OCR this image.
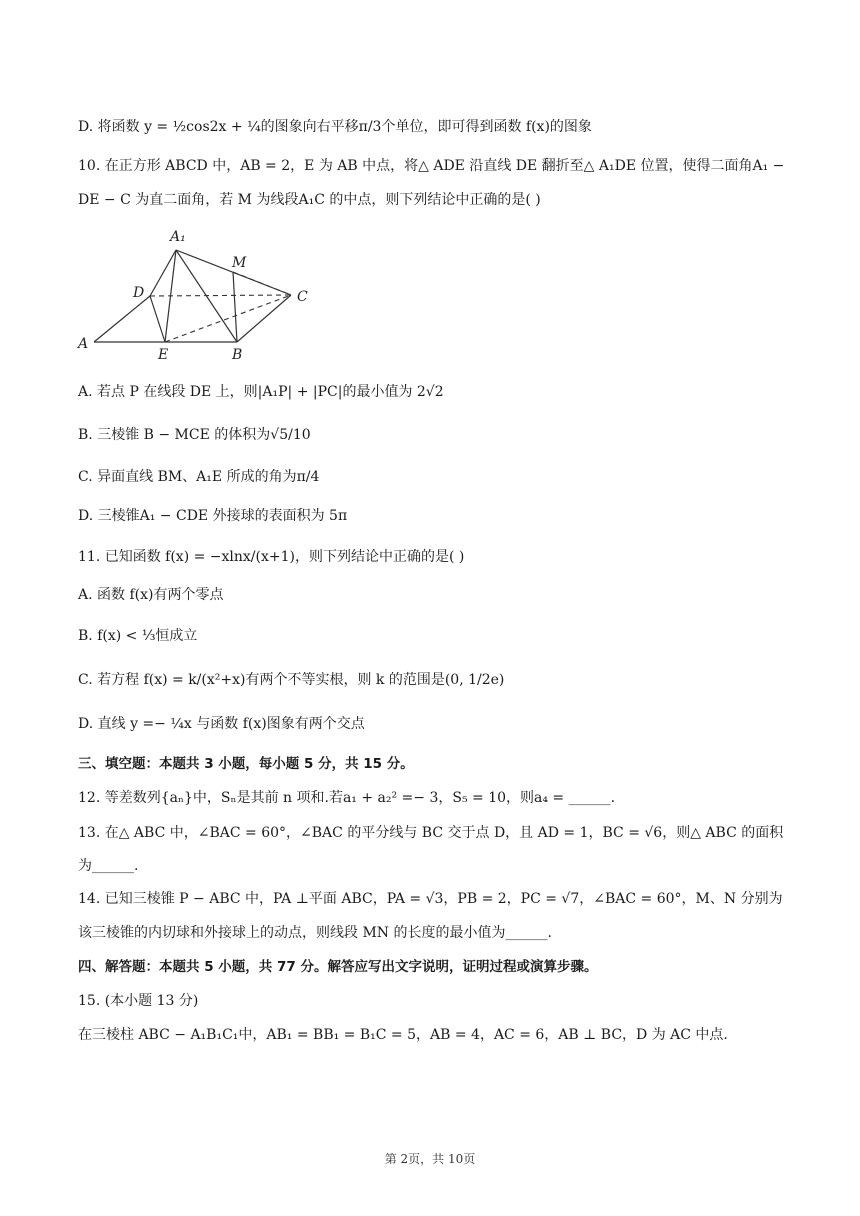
D. 将函数 y = ½cos2x + ¼的图象向右平移π/3个单位，即可得到函数 f(x)的图象
10. 在正方形 ABCD 中，AB = 2，E 为 AB 中点，将△ ADE 沿直线 DE 翻折至△ A₁DE 位置，使得二面角A₁ −
DE − C 为直二面角，若 M 为线段A₁C 的中点，则下列结论中正确的是( )
A₁
M
D	C
A
E	B
A. 若点 P 在线段 DE 上，则|A₁P| + |PC|的最小值为 2√2
B. 三棱锥 B − MCE 的体积为√5/10
C. 异面直线 BM、A₁E 所成的角为π/4
D. 三棱锥A₁ − CDE 外接球的表面积为 5π
11. 已知函数 f(x) = −xlnx/(x+1)，则下列结论中正确的是( )
A. 函数 f(x)有两个零点
B. f(x) < ⅓恒成立
C. 若方程 f(x) = k/(x²+x)有两个不等实根，则 k 的范围是(0, 1/2e)
D. 直线 y =− ¼x 与函数 f(x)图象有两个交点
三、填空题：本题共 3 小题，每小题 5 分，共 15 分。
12. 等差数列{aₙ}中，Sₙ是其前 n 项和.若a₁ + a₂² =− 3，S₅ = 10，则a₄ = ______.
13. 在△ ABC 中，∠BAC = 60°，∠BAC 的平分线与 BC 交于点 D，且 AD = 1，BC = √6，则△ ABC 的面积
为______.
14. 已知三棱锥 P − ABC 中，PA ⊥平面 ABC，PA = √3，PB = 2，PC = √7，∠BAC = 60°，M、N 分别为
该三棱锥的内切球和外接球上的动点，则线段 MN 的长度的最小值为______.
四、解答题：本题共 5 小题，共 77 分。解答应写出文字说明，证明过程或演算步骤。
15. (本小题 13 分)
在三棱柱 ABC − A₁B₁C₁中，AB₁ = BB₁ = B₁C = 5，AB = 4，AC = 6，AB ⊥ BC，D 为 AC 中点.
第 2页，共 10页
